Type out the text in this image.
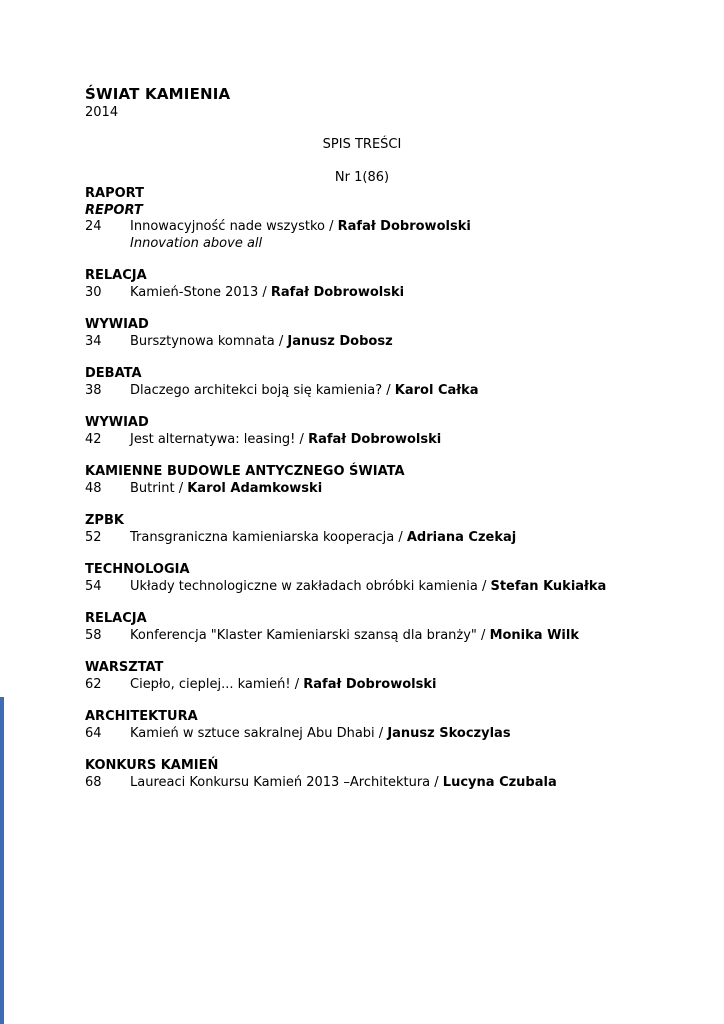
ŚWIAT KAMIENIA
2014
SPIS TREŚCI
Nr 1(86)
RAPORT
REPORT
24	Innowacyjność nade wszystko / Rafał Dobrowolski
Innovation above all
RELACJA
30	Kamień-Stone 2013 / Rafał Dobrowolski
WYWIAD
34	Bursztynowa komnata / Janusz Dobosz
DEBATA
38	Dlaczego architekci boją się kamienia? / Karol Całka
WYWIAD
42	Jest alternatywa: leasing! / Rafał Dobrowolski
KAMIENNE BUDOWLE ANTYCZNEGO ŚWIATA
48	Butrint / Karol Adamkowski
ZPBK
52	Transgraniczna kamieniarska kooperacja / Adriana Czekaj
TECHNOLOGIA
54	Układy technologiczne w zakładach obróbki kamienia / Stefan Kukiałka
RELACJA
58	Konferencja "Klaster Kamieniarski szansą dla branży" / Monika Wilk
WARSZTAT
62	Ciepło, cieplej... kamień! / Rafał Dobrowolski
ARCHITEKTURA
64	Kamień w sztuce sakralnej Abu Dhabi / Janusz Skoczylas
KONKURS KAMIEŃ
68	Laureaci Konkursu Kamień 2013 –Architektura / Lucyna Czubala
